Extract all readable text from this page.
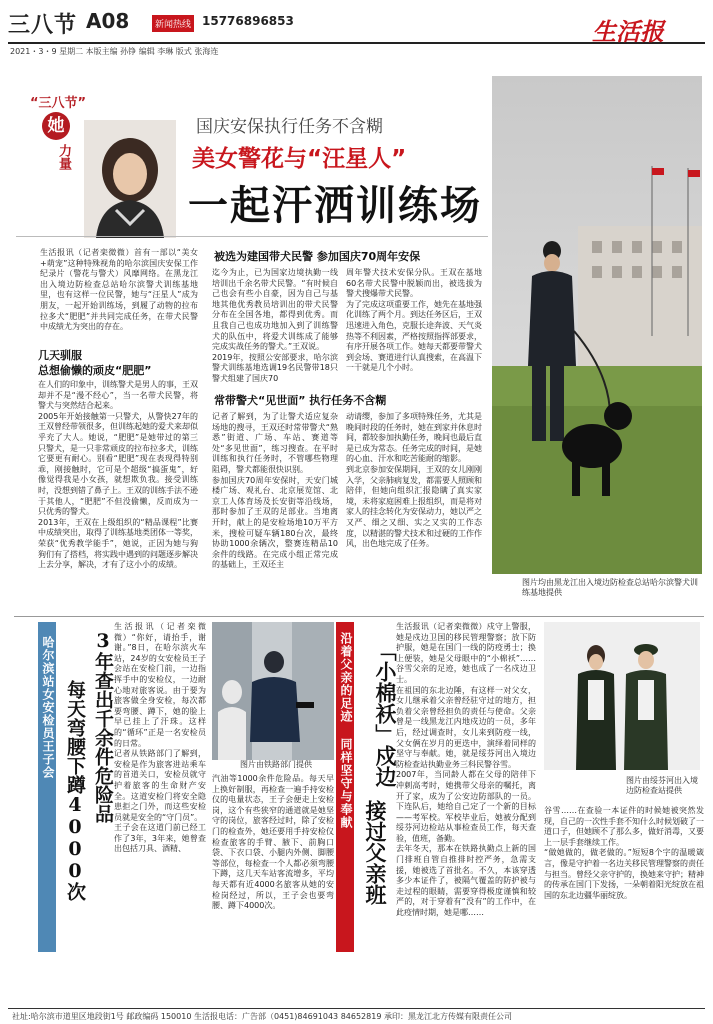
三八节 A08	新闻热线 15776896853
2021・3・9 星期二 本版主编 孙铮 编辑 李琳 版式 张海连
生活报
“三八节”
她
力量
国庆安保执行任务不含糊
美女警花与“汪星人”
一起汗洒训练场
生活报讯（记者栾微微）首有一部以“美女+萌宠”这种特殊视角的哈尔滨国庆安保工作纪录片（警花与警犬）风靡网络。在黑龙江出入境边防检查总站哈尔滨警犬训练基地里，也有这样一位民警，她与“汪星人”成为朋友，一起开始训练场，到履了动物的拉布拉多犬“肥肥”并共同完成任务，在带犬民警中成绩尤为突出的存在。
几天驯服
总想偷懒的顽皮“肥肥”
在人们的印象中，训练警犬是男人的事，王双却并不是“漫不经心”，当一名带犬民警，将警犬与突然结合起来。
2005年开始接触第一只警犬，从警快27年的王双曾经带领很多，但训练起她的爱犬来却似乎充了大人。她说，“肥肥”是她带过的第三只警犬，是一只非常顽皮的拉布拉多犬，训练它要更有耐心。别看“肥肥”现在表现得特别乖，刚接触时，它可是个超级“搞蛋鬼”，好像觉得我是小女孩，就想欺负我。接受训练时，没想到错了鼻子上。王双的训练手法不逊于其他人，“肥肥”不但没偷懒，反而成为一只优秀的警犬。
2013年，王双在上级组织的“精品课程”比赛中成绩突出，取得了训练基地类团体一等奖，荣获“优秀教学能手”，她说，正因为她与狗狗们有了搭档，将实践中遇到的问题逐步解决上去分享，解决，才有了这小小的成绩。
被选为建国带犬民警 参加国庆70周年安保
迄今为止，已为国家边境执勤一线培训出千余名带犬民警。“有时候自己也会有些小自豪，因为自己与基地其他优秀教员培训出的带犬民警分布在全国各地，都得到优秀。而且我自己也成功地加入到了训练警犬的队伍中，将爱犬训练成了能够完成实战任务的警犬。”王双说。
2019年，按照公安部要求，哈尔滨警犬训练基地选调19名民警带18只警犬组建了国庆70
周年警犬技术安保分队。王双在基地60名带犬民警中脱颖而出，被选拔为警犬搜爆带犬民警。
为了完成这项重要工作，她先在基地强化训练了两个月。到达任务区后，王双迅速进入角色，克服长途奔波、天气炎热等不利因素，严格按照指挥部要求，有序开展各项工作。她每天都要带警犬到会场、赛道进行认真搜索，在高温下一干就是几个小时。
常带警犬“见世面” 执行任务不含糊
记者了解到，为了让警犬适应复杂场地的搜寻，王双还时常带警犬“熟悉”街道、广场、车站、赛道等处“多见世面”，练习搜查。在平时训练和执行任务时，不管哪些物理阻碍，警犬都能很快识别。
参加国庆70周年安保时，天安门城楼广场、观礼台、北京展览馆、北京工人体育场及长安街等沿线场，那时参加了王双的足部业。当地离开时，献上的是安检场地10万平方米，搜检可疑车辆180台次，最终协助1000余辆次，整赛连精品10余件的线路。在完成小组正常完成的基础上，王双还主
动请缨，参加了多项特殊任务，尤其是晚间时段的任务时，她在到家并休息时间，都较参加执勤任务，晚间也最后直是已成为常态。任务完成的时间，是她的心血、汗水和吃苦能耐的缩影。
到北京参加安保期间，王双的女儿刚刚入学，父亲肺病复发，都需要人照顾和陪伴，但她向组织汇报隐瞒了真实家境，未将家庭困难上报组织，而是将对家人的挂念转化为安保动力，她以严之又严、细之又细、实之又实的工作态度，以精湛的警犬技术和过硬的工作作风，出色地完成了任务。
图片均由黑龙江出入境边防检查总站哈尔滨警犬训练基地提供
哈尔滨站女安检员王子会 3年查出千余件危险品
每天弯腰下蹲4000次
生活报讯（记者栾微微）“你好，请抬手，谢谢。”8日，在哈尔滨火车站，24岁的女安检员王子会站在安检门前，一边指挥手中的安检仪，一边耐心地对旅客说。由于要为旅客做全身安检，每次都要弯腰、蹲下，她的脸上早已挂上了汗珠。这样的“循环”正是一名安检员的日常。
记者从铁路部门了解到，安检是作为旅客进站乘车的首道关口，安检员就守护着旅客的生命财产安全。这道安检门将安全隐患拒之门外，而这些安检员就是安全的“守门员”。
王子会在这道门前已经工作了3年，3年来，她曾查出包括刀具、酒精、
图片由铁路部门提供
汽油等1000余件危险品。每天早上换好制服，再检查一遍手持安检仪的电量状态，王子会便走上安检岗，这个有些狭窄的通道就是她坚守的岗位，旅客经过时，除了安检门的检查外，她还要用手持安检仪检查旅客的手臂、腋下、前胸口袋、下衣口袋、小腿内外侧、脚腰等部位，每检查一个人都必须弯腰下蹲，这几天车站客流增多，平均每天都有近4000名旅客从她的安检岗经过，所以，王子会也要弯腰、蹲下4000次。
沿着父亲的足迹 同样坚守与奉献 「小棉袄」戍边
接过父亲班
生活报讯（记者栾微微）戍守上警服，她是戍边卫国的移民管理警察；放下防护服，她是在国门一线的防疫勇士；换上便装，她是父母眼中的“小棉袄”……谷雪父亲的足迹，她也成了一名戍边卫士。
在祖国的东北边陲，有这样一对父女，女儿继承着父亲曾经驻守过的地方，担负着父亲曾经担负的责任与使命。父亲曾是一线黑龙江内地戍边的一员，多年后，经过调查时，女儿来到防疫一线，父女俩在岁月的更迭中，演绎着同样的坚守与奉献。她，就是绥芬河出入境边防检查站执勤业务三科民警谷雪。
2007年，当同龄人都在父母的陪伴下冲刺高考时，她携带父母亲的嘱托，离开了家，成为了公安边防部队的一员。下连队后，她给自己定了一个新的目标——考军校。军校毕业后，她被分配到绥芬河边检站从事检查员工作，每天查验，值班，备勤。
去年冬天，那本在铁路执勤点上新的国门排班自管自推排时控严务，急需支援，她被选了首批名。不久，本该穿透多少本证件了，被隔气覆盖的防护被与走过程的眼睛，需要穿得极度谨慎和较严的，对于穿着有“没有”的工作中，在此疫情时期，她是哪……
图片由绥芬河出入境边防检查站提供
谷雪……在查验一本证件的时候她被突然发现，自己的一次性手套不知什么时候划破了一道口子，但她顾不了那么多，做好消毒，又要上一层手套继续工作。
“做她做的，做老做的。”短短8个字的温暖箴言，像是守护着一名边关移民管理警察的责任与担当。曾经父亲守护的，换她来守护；精神的传承在国门下发扬，一朵朝着阳光绽放在祖国的东北边疆华丽绽放。
社址:哈尔滨市道里区地段街1号 邮政编码 150010 生活报电话：广告部（0451)84691043 84652819 承印：黑龙江北方传媒有限责任公司
